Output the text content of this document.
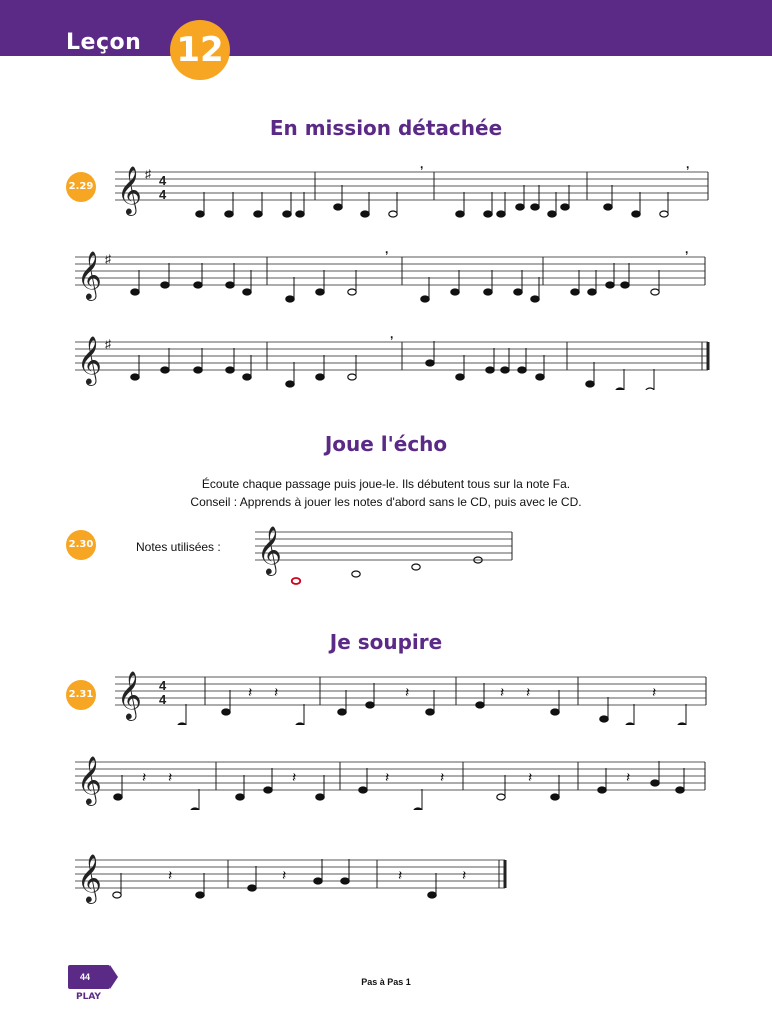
Leçon 12
En mission détachée
2.29 𝄞 ♯ 4
4
,	,
𝄞 ♯
,	,
𝄞 ♯
,
Joue l'écho
Écoute chaque passage puis joue-le. Ils débutent tous sur la note Fa.
Conseil : Apprends à jouer les notes d'abord sans le CD, puis avec le CD.
2.30	Notes utilisées : 𝄞
Je soupire
2.31 𝄞 4
4	𝄽 𝄽	𝄽	𝄽 𝄽	𝄽
𝄞	𝄽 𝄽	𝄽	𝄽	𝄽	𝄽	𝄽
𝄞	𝄽	𝄽	𝄽	𝄽
44
PLAY
Pas à Pas 1
